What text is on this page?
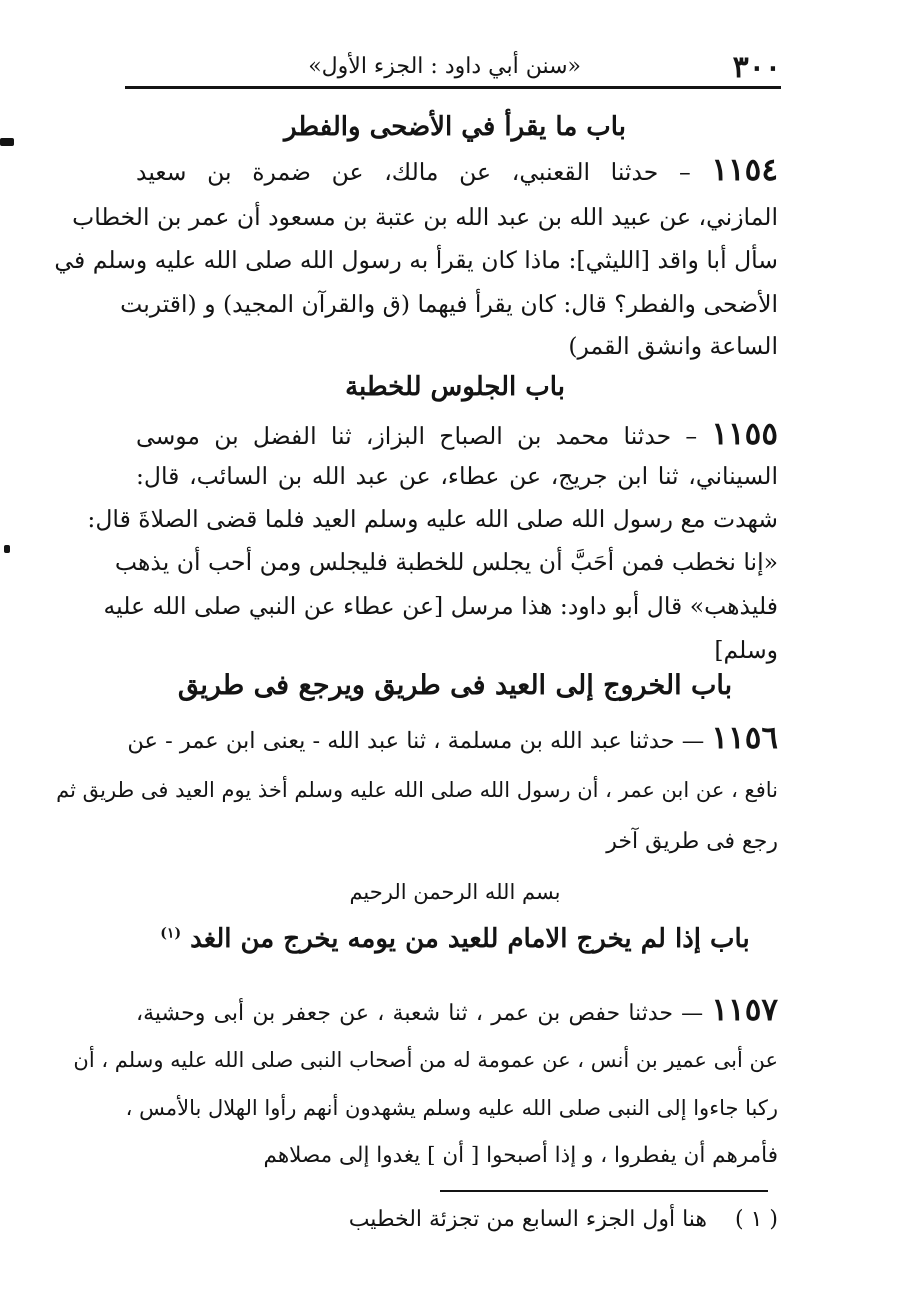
٣٠٠
«سنن أبي داود : الجزء الأول»
باب ما يقرأ في الأضحى والفطر
١١٥٤ – حدثنا القعنبي، عن مالك، عن ضمرة بن سعيد
المازني، عن عبيد الله بن عبد الله بن عتبة بن مسعود أن عمر بن الخطاب
سأل أبا واقد [الليثي]: ماذا كان يقرأ به رسول الله صلى الله عليه وسلم في
الأضحى والفطر؟ قال: كان يقرأ فيهما (ق والقرآن المجيد) و (اقتربت
الساعة وانشق القمر)
باب الجلوس للخطبة
١١٥٥ – حدثنا محمد بن الصباح البزاز، ثنا الفضل بن موسى
السيناني، ثنا ابن جريج، عن عطاء، عن عبد الله بن السائب، قال:
شهدت مع رسول الله صلى الله عليه وسلم العيد فلما قضى الصلاةَ قال:
«إنا نخطب فمن أحَبَّ أن يجلس للخطبة فليجلس ومن أحب أن يذهب
فليذهب» قال أبو داود: هذا مرسل [عن عطاء عن النبي صلى الله عليه
وسلم]
باب الخروج إلى العيد فى طريق ويرجع فى طريق
١١٥٦ — حدثنا عبد الله بن مسلمة ، ثنا عبد الله - يعنى ابن عمر - عن
نافع ، عن ابن عمر ، أن رسول الله صلى الله عليه وسلم أخذ يوم العيد فى طريق ثم
رجع فى طريق آخر
بسم الله الرحمن الرحيم
باب إذا لم يخرج الامام للعيد من يومه يخرج من الغد $^{(١)}$
١١٥٧ — حدثنا حفص بن عمر ، ثنا شعبة ، عن جعفر بن أبى وحشية،
عن أبى عمير بن أنس ، عن عمومة له من أصحاب النبى صلى الله عليه وسلم ، أن
ركبا جاءوا إلى النبى صلى الله عليه وسلم يشهدون أنهم رأوا الهلال بالأمس ،
فأمرهم أن يفطروا ، و إذا أصبحوا [ أن ] يغدوا إلى مصلاهم
( ١ )    هنا أول الجزء السابع من تجزئة الخطيب
